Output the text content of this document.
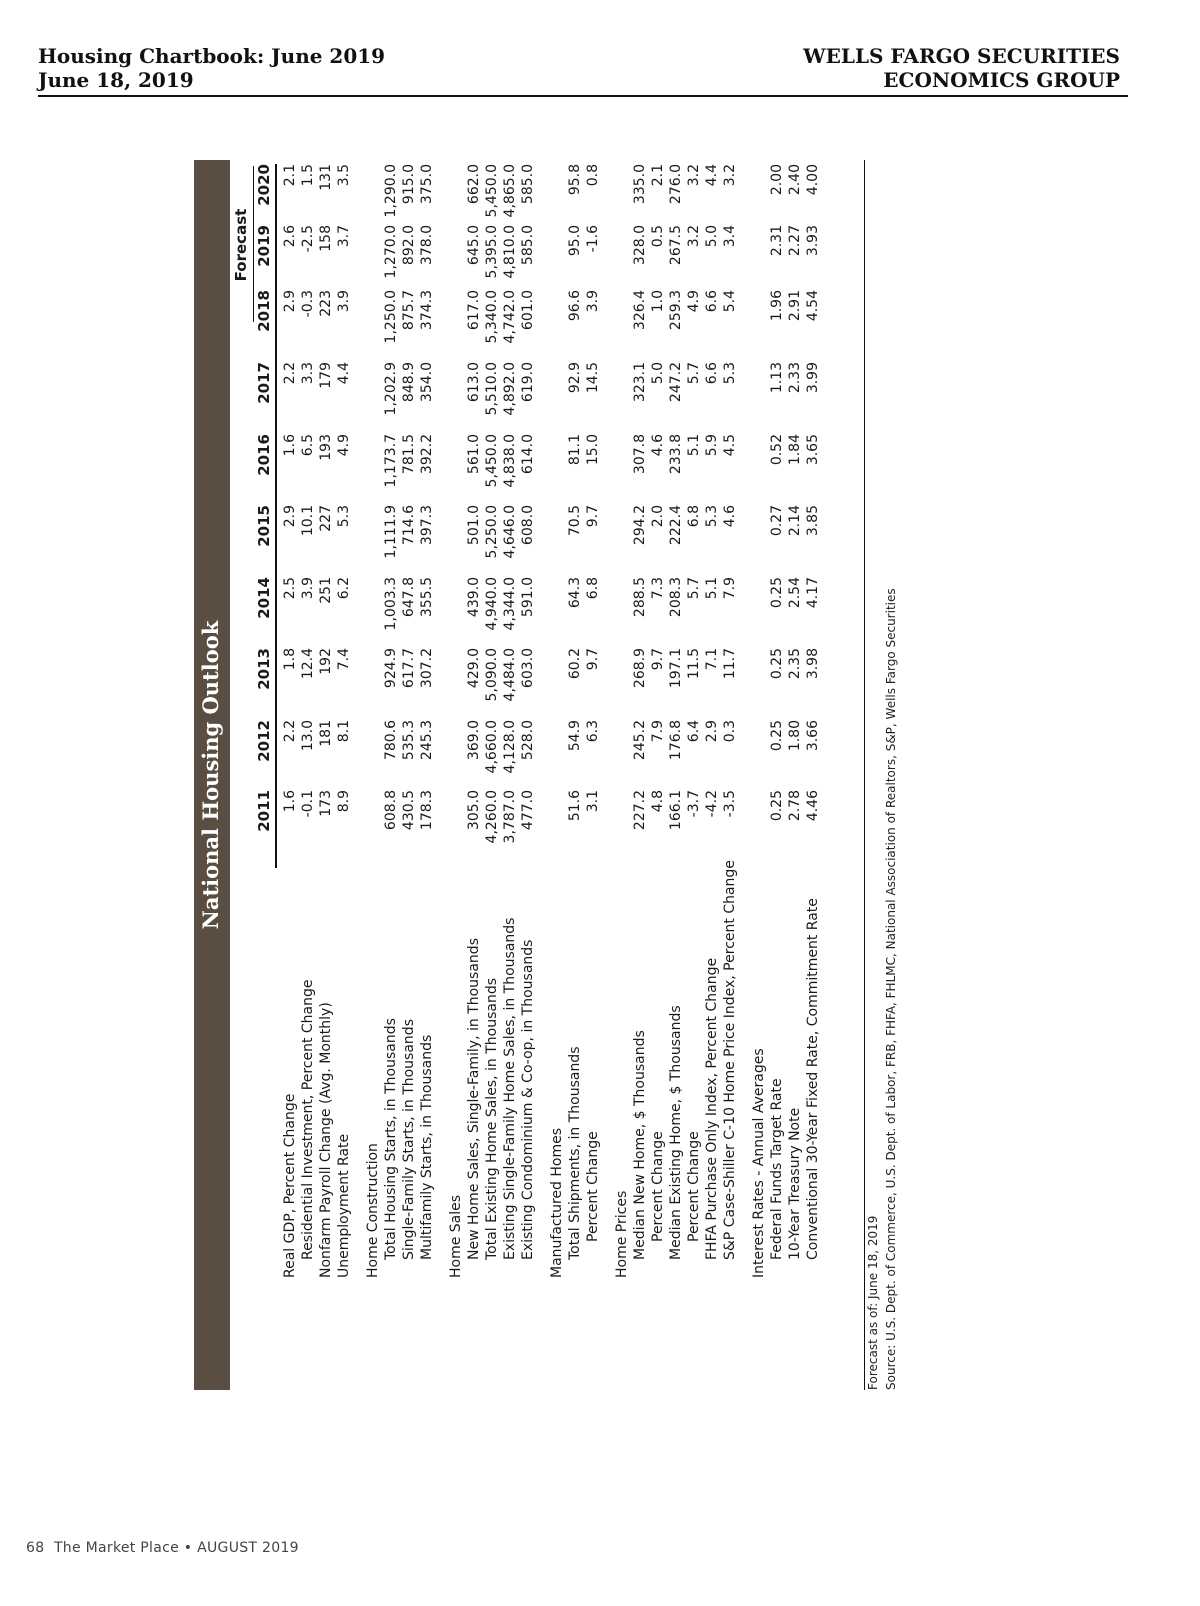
Housing Chartbook: June 2019
June 18, 2019
WELLS FARGO SECURITIES
ECONOMICS GROUP
National Housing Outlook
Forecast
2011
2012
2013
2014
2015
2016
2017
2018
2019
2020
Real GDP, Percent Change
1.6
2.2
1.8
2.5
2.9
1.6
2.2
2.9
2.6
2.1
Residential Investment, Percent Change
-0.1
13.0
12.4
3.9
10.1
6.5
3.3
-0.3
-2.5
1.5
Nonfarm Payroll Change (Avg. Monthly)
173
181
192
251
227
193
179
223
158
131
Unemployment Rate
8.9
8.1
7.4
6.2
5.3
4.9
4.4
3.9
3.7
3.5
Home Construction Total Housing Starts, in Thousands
608.8
780.6
924.9
1,003.3
1,111.9
1,173.7
1,202.9
1,250.0
1,270.0
1,290.0
Single-Family Starts, in Thousands
430.5
535.3
617.7
647.8
714.6
781.5
848.9
875.7
892.0
915.0
Multifamily Starts, in Thousands
178.3
245.3
307.2
355.5
397.3
392.2
354.0
374.3
378.0
375.0
Home Sales New Home Sales, Single-Family, in Thousands
305.0
369.0
429.0
439.0
501.0
561.0
613.0
617.0
645.0
662.0
Total Existing Home Sales, in Thousands
4,260.0
4,660.0
5,090.0
4,940.0
5,250.0
5,450.0
5,510.0
5,340.0
5,395.0
5,450.0
Existing Single-Family Home Sales, in Thousands
3,787.0
4,128.0
4,484.0
4,344.0
4,646.0
4,838.0
4,892.0
4,742.0
4,810.0
4,865.0
Existing Condominium & Co-op, in Thousands
477.0
528.0
603.0
591.0
608.0
614.0
619.0
601.0
585.0
585.0
Manufactured Homes Total Shipments, in Thousands
51.6
54.9
60.2
64.3
70.5
81.1
92.9
96.6
95.0
95.8
Percent Change
3.1
6.3
9.7
6.8
9.7
15.0
14.5
3.9
-1.6
0.8
Home Prices Median New Home, $ Thousands
227.2
245.2
268.9
288.5
294.2
307.8
323.1
326.4
328.0
335.0
Percent Change
4.8
7.9
9.7
7.3
2.0
4.6
5.0
1.0
0.5
2.1
Median Existing Home, $ Thousands
166.1
176.8
197.1
208.3
222.4
233.8
247.2
259.3
267.5
276.0
Percent Change
-3.7
6.4
11.5
5.7
6.8
5.1
5.7
4.9
3.2
3.2
FHFA Purchase Only Index, Percent Change
-4.2
2.9
7.1
5.1
5.3
5.9
6.6
6.6
5.0
4.4
S&P Case-Shiller C-10 Home Price Index, Percent Change
-3.5
0.3
11.7
7.9
4.6
4.5
5.3
5.4
3.4
3.2
Interest Rates - Annual Averages Federal Funds Target Rate
0.25
0.25
0.25
0.25
0.27
0.52
1.13
1.96
2.31
2.00
10-Year Treasury Note
2.78
1.80
2.35
2.54
2.14
1.84
2.33
2.91
2.27
2.40
Conventional 30-Year Fixed Rate, Commitment Rate
4.46
3.66
3.98
4.17
3.85
3.65
3.99
4.54
3.93
4.00
Forecast as of: June 18, 2019 Source: U.S. Dept. of Commerce, U.S. Dept. of Labor, FRB, FHFA, FHLMC, National Association of Realtors, S&P, Wells Fargo Securities
68 The Market Place • AUGUST 2019
